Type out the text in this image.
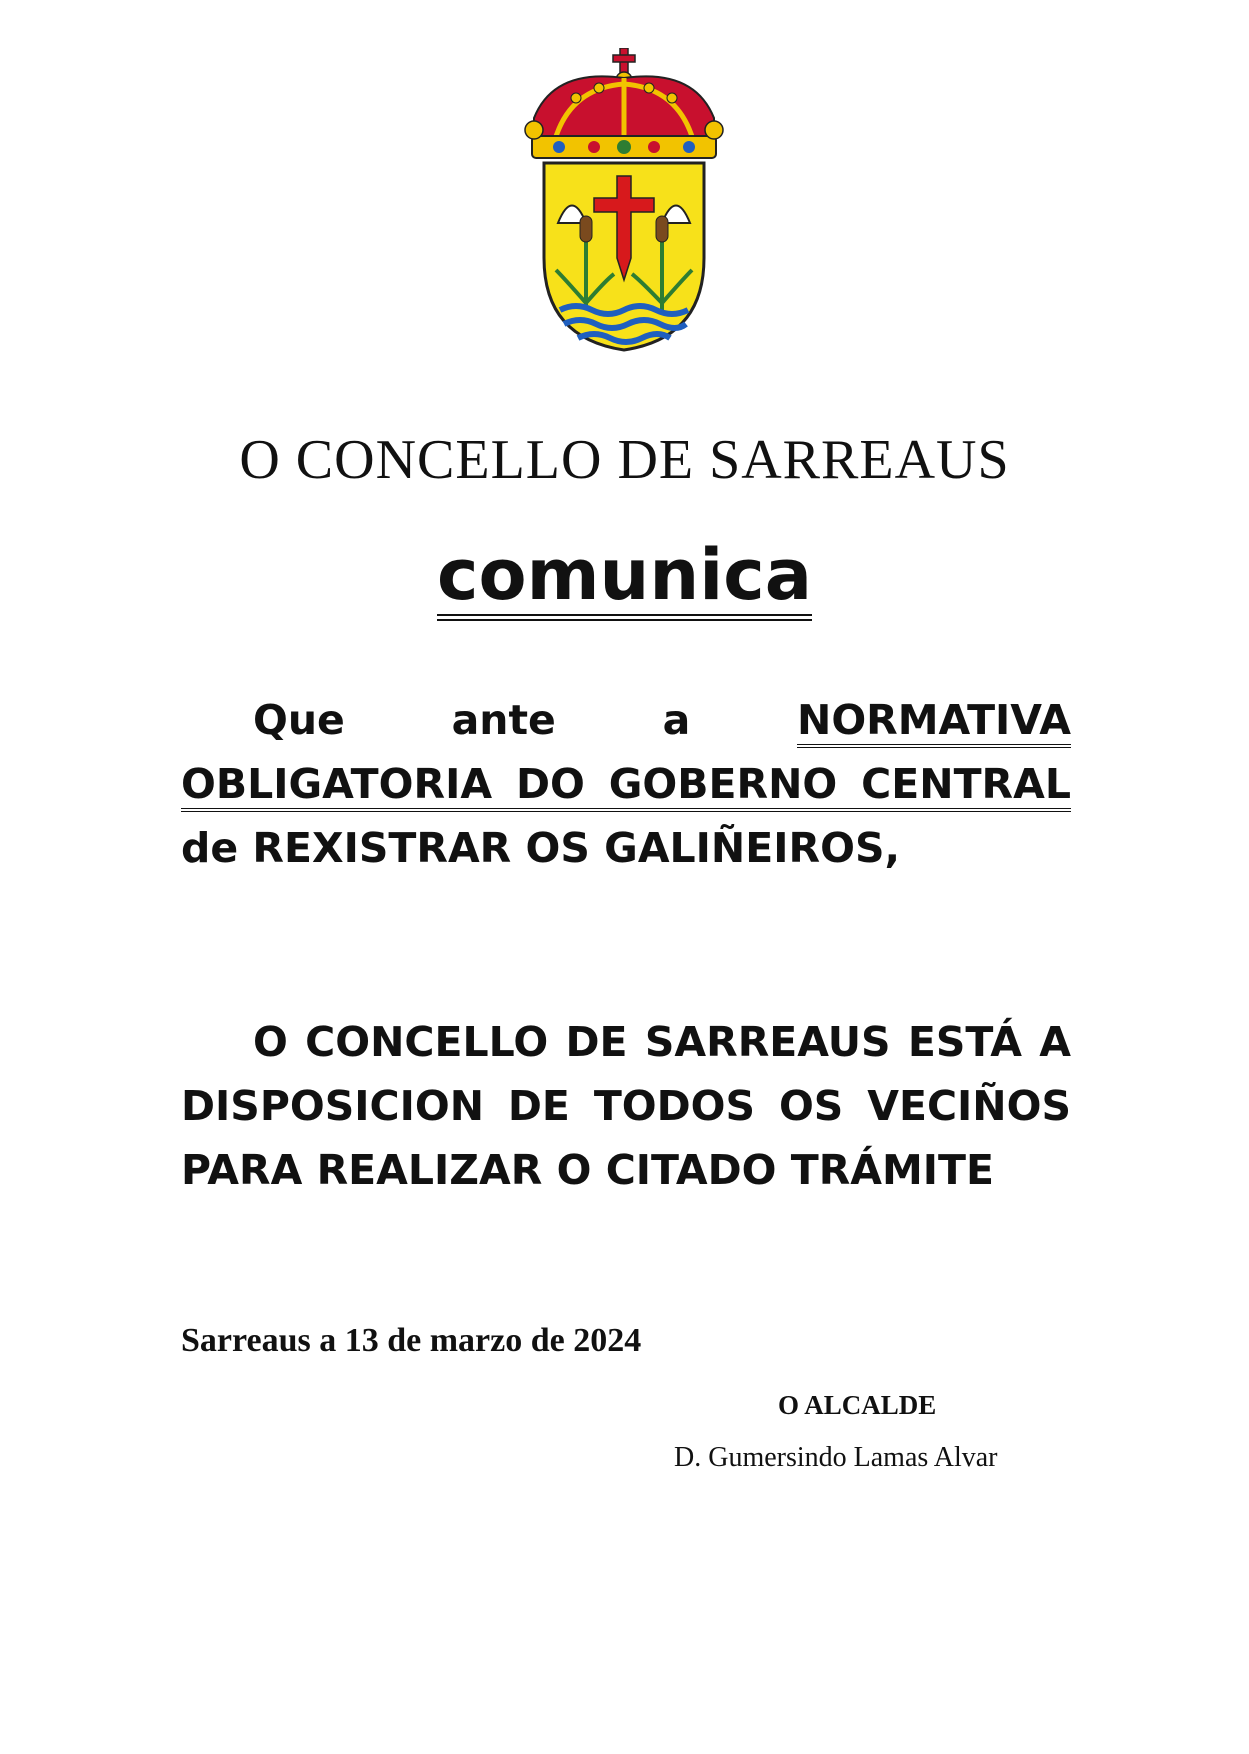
O CONCELLO DE SARREAUS
comunica

Que ante a NORMATIVA OBLIGATORIA DO GOBERNO CENTRAL de REXISTRAR OS GALIÑEIROS,

O CONCELLO DE SARREAUS ESTÁ A DISPOSICION DE TODOS OS VECIÑOS PARA REALIZAR O CITADO TRÁMITE

Sarreaus a 13 de marzo de 2024
O ALCALDE
D. Gumersindo Lamas Alvar
